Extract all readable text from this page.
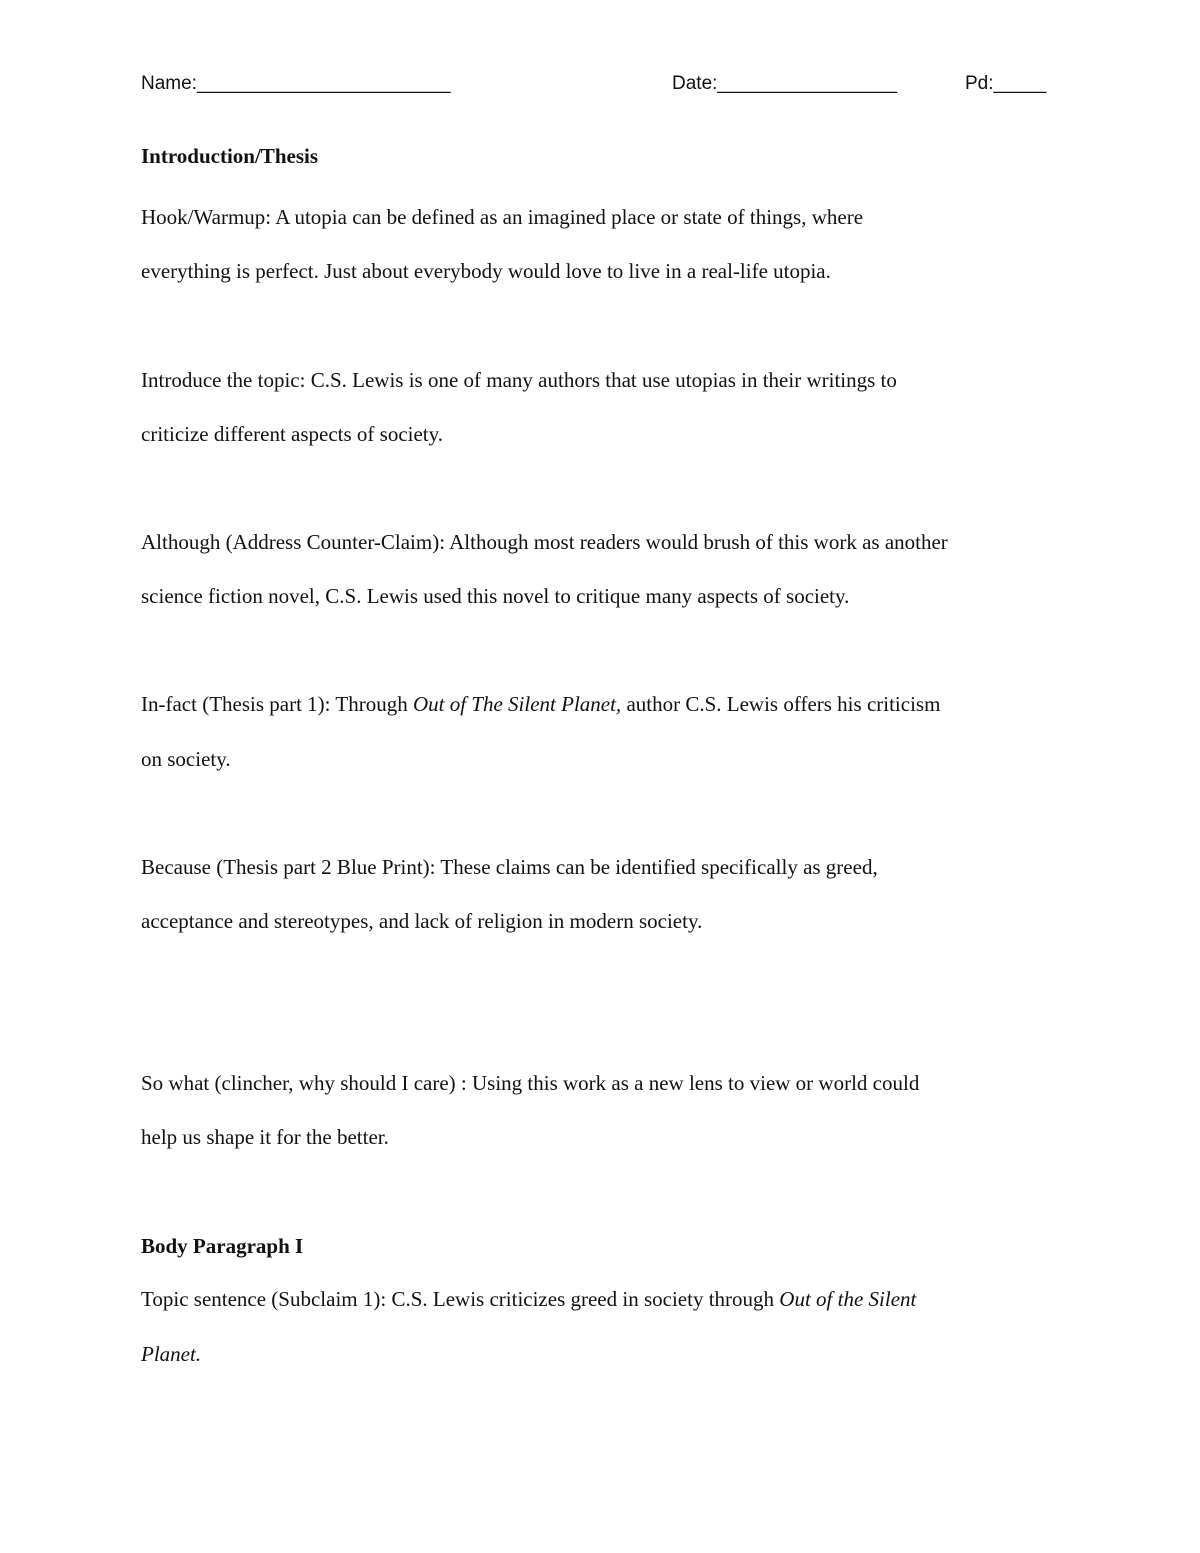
Name:________________________	Date:_________________	Pd:_____
Introduction/Thesis
Hook/Warmup: A utopia can be defined as an imagined place or state of things, where
everything is perfect. Just about everybody would love to live in a real-life utopia.
Introduce the topic: C.S. Lewis is one of many authors that use utopias in their writings to
criticize different aspects of society.
Although (Address Counter-Claim): Although most readers would brush of this work as another
science fiction novel, C.S. Lewis used this novel to critique many aspects of society.
In-fact (Thesis part 1): Through Out of The Silent Planet, author C.S. Lewis offers his criticism
on society.
Because (Thesis part 2 Blue Print): These claims can be identified specifically as greed,
acceptance and stereotypes, and lack of religion in modern society.
So what (clincher, why should I care) : Using this work as a new lens to view or world could
help us shape it for the better.
Body Paragraph I
Topic sentence (Subclaim 1): C.S. Lewis criticizes greed in society through Out of the Silent
Planet.
